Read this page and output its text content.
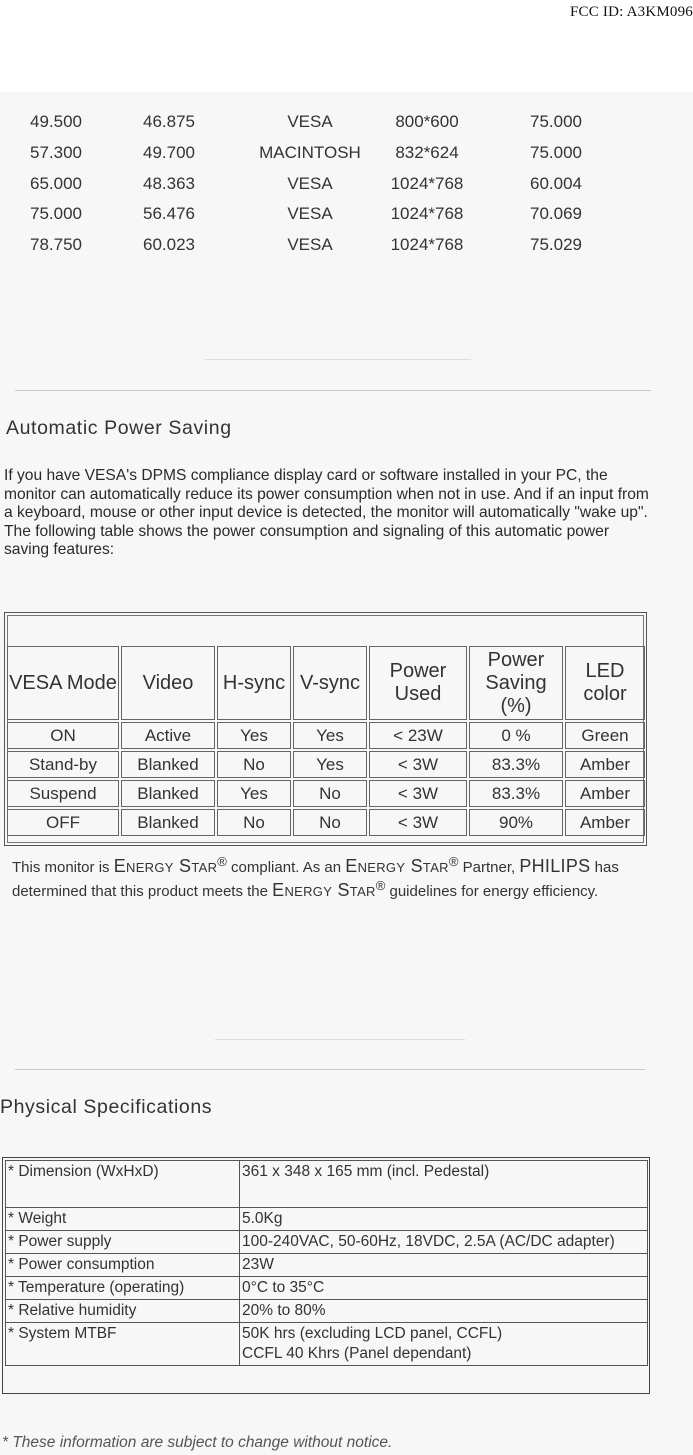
FCC ID: A3KM096
49.500	46.875	VESA	800*600	75.000
57.300	49.700	MACINTOSH	832*624	75.000
65.000	48.363	VESA	1024*768	60.004
75.000	56.476	VESA	1024*768	70.069
78.750	60.023	VESA	1024*768	75.029
Automatic Power Saving
If you have VESA's DPMS compliance display card or software installed in your PC, the monitor can automatically reduce its power consumption when not in use. And if an input from a keyboard, mouse or other input device is detected, the monitor will automatically "wake up". The following table shows the power consumption and signaling of this automatic power saving features:
VESA Mode	Video	H-sync	V-sync	Power Used	Power Saving (%)	LED color
ON	Active	Yes	Yes	< 23W	0 %	Green
Stand-by	Blanked	No	Yes	< 3W	83.3%	Amber
Suspend	Blanked	Yes	No	< 3W	83.3%	Amber
OFF	Blanked	No	No	< 3W	90%	Amber
This monitor is Energy Star® compliant. As an Energy Star® Partner, PHILIPS has determined that this product meets the Energy Star® guidelines for energy efficiency.
Physical Specifications
* Dimension (WxHxD)	361 x 348 x 165 mm (incl. Pedestal)
* Weight	5.0Kg
* Power supply	100-240VAC, 50-60Hz, 18VDC, 2.5A (AC/DC adapter)
* Power consumption	23W
* Temperature (operating)	0°C to 35°C
* Relative humidity	20% to 80%
* System MTBF	50K hrs (excluding LCD panel, CCFL)
CCFL 40 Khrs (Panel dependant)
* These information are subject to change without notice.
